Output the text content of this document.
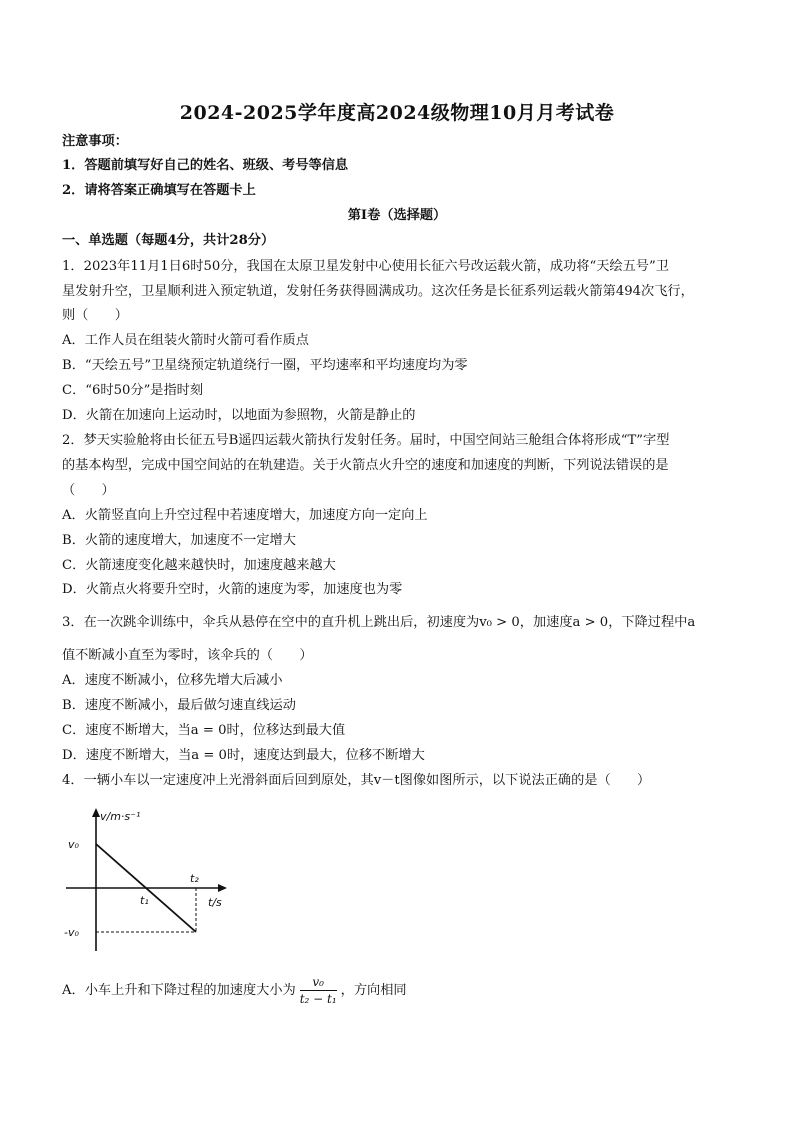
2024-2025学年度高2024级物理10月月考试卷
注意事项：
1．答题前填写好自己的姓名、班级、考号等信息
2．请将答案正确填写在答题卡上
第Ⅰ卷（选择题）
一、单选题（每题4分，共计28分）
1．2023年11月1日6时50分，我国在太原卫星发射中心使用长征六号改运载火箭，成功将“天绘五号”卫
星发射升空，卫星顺利进入预定轨道，发射任务获得圆满成功。这次任务是长征系列运载火箭第494次飞行，
则（　　）
A．工作人员在组装火箭时火箭可看作质点
B．“天绘五号”卫星绕预定轨道绕行一圈，平均速率和平均速度均为零
C．“6时50分”是指时刻
D．火箭在加速向上运动时，以地面为参照物，火箭是静止的
2．梦天实验舱将由长征五号B遥四运载火箭执行发射任务。届时，中国空间站三舱组合体将形成“T”字型
的基本构型，完成中国空间站的在轨建造。关于火箭点火升空的速度和加速度的判断，下列说法错误的是
（　　）
A．火箭竖直向上升空过程中若速度增大，加速度方向一定向上
B．火箭的速度增大，加速度不一定增大
C．火箭速度变化越来越快时，加速度越来越大
D．火箭点火将要升空时，火箭的速度为零，加速度也为零
3．在一次跳伞训练中，伞兵从悬停在空中的直升机上跳出后，初速度为v₀ > 0，加速度a > 0，下降过程中a
值不断减小直至为零时，该伞兵的（　　）
A．速度不断减小，位移先增大后减小
B．速度不断减小，最后做匀速直线运动
C．速度不断增大，当a = 0时，位移达到最大值
D．速度不断增大，当a = 0时，速度达到最大，位移不断增大
4．一辆小车以一定速度冲上光滑斜面后回到原处，其v－t图像如图所示，以下说法正确的是（　　）
v/m·s⁻¹
v₀
-v₀
t/s
t₁
t₂
A．小车上升和下降过程的加速度大小为 $\frac{\text{v₀}}{\text{t₂ − t₁}}$ ，方向相同
